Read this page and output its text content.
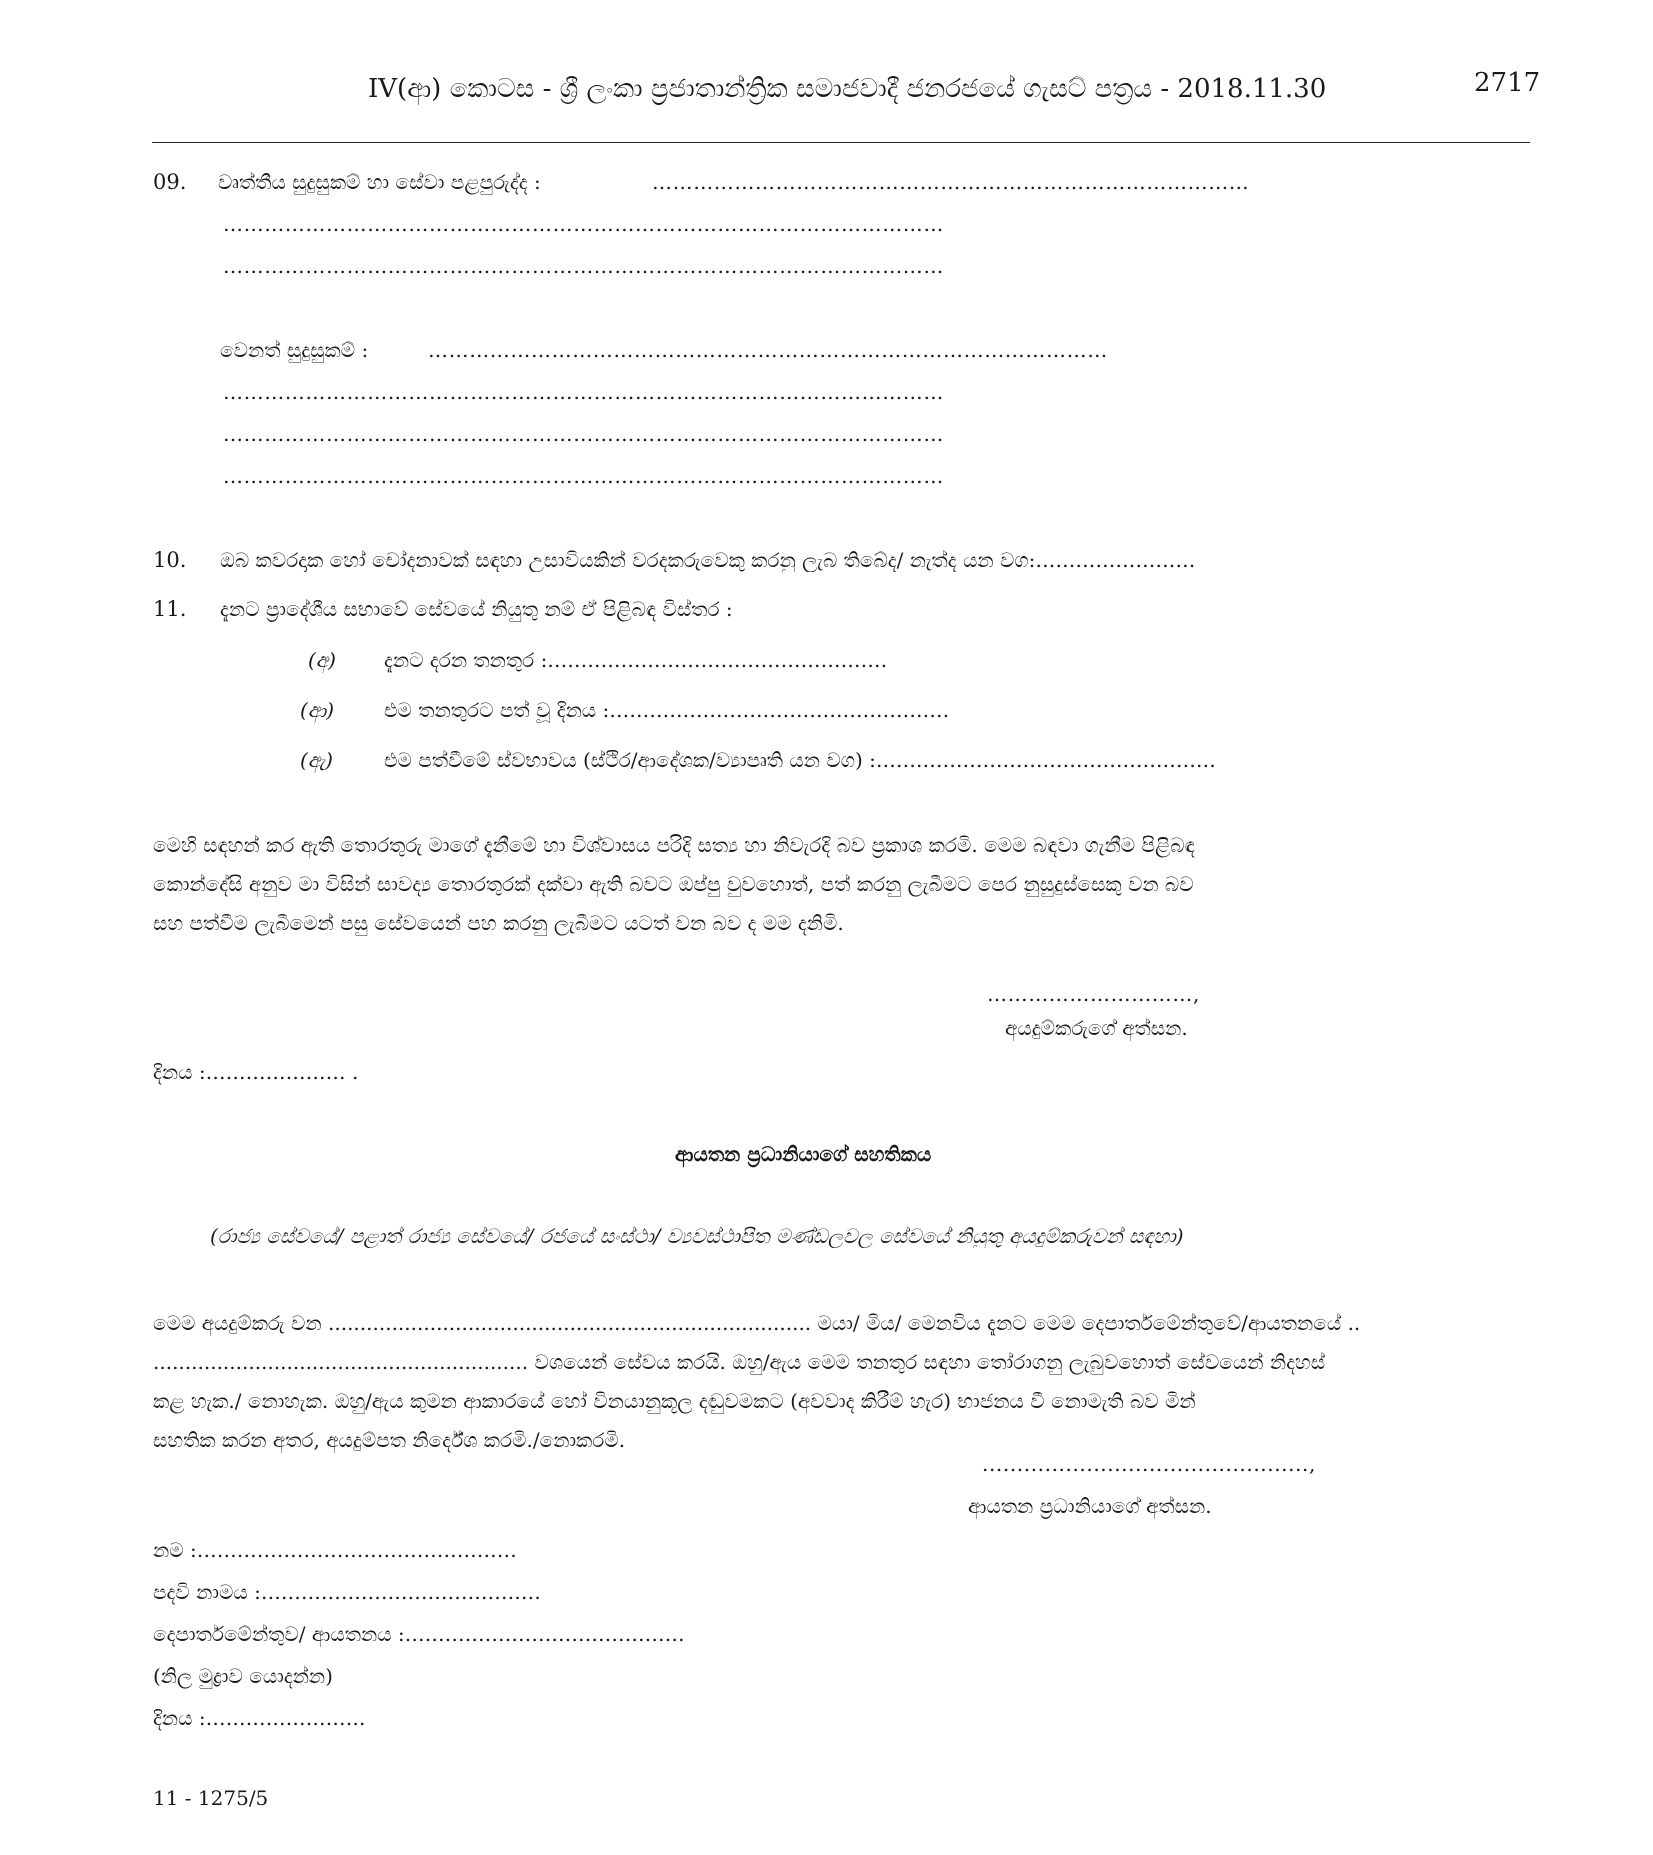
IV(ආ) කොටස - ශ්‍රී ලංකා ප්‍රජාතාන්ත්‍රික සමාජවාදී ජනරජයේ ගැසට් පත්‍රය - 2018.11.30	2717
09. වෘත්තීය සුදුසුකම් හා සේවා පළපුරුද්ද :	……………………………………………………………………………
……………………………………………………………………………………………
……………………………………………………………………………………………
වෙනත් සුදුසුකම් :	………………………………………………………………………………………
……………………………………………………………………………………………
……………………………………………………………………………………………
……………………………………………………………………………………………
10. ඔබ කවරදාක හෝ චෝදනාවක් සඳහා උසාවියකින් වරදකරුවෙකු කරනු ලැබ තිබේද/ නැත්ද යන වග:……………………
11. දැනට ප්‍රාදේශීය සභාවේ සේවයේ නියුතු නම් ඒ පිළිබඳ විස්තර :
(අ) දැනට දරන තනතුර :……………………………………………
(ආ) එම තනතුරට පත් වූ දිනය :……………………………………………
(ඇ)	එම පත්වීමේ ස්වභාවය (ස්ථිර/ආදේශක/ව්‍යාපෘති යන වග) :……………………………………………
මෙහි සඳහන් කර ඇති තොරතුරු මාගේ දැනීමේ හා විශ්වාසය පරිදි සත්‍ය හා නිවැරදි බව ප්‍රකාශ කරමි. මෙම බඳවා ගැනීම පිළිබඳ
කොන්දේසි අනුව මා විසින් සාවද්‍ය තොරතුරක් දක්වා ඇති බවට ඔප්පු වුවහොත්, පත් කරනු ලැබීමට පෙර නුසුදුස්සෙකු වන බව
සහ පත්වීම ලැබීමෙන් පසු සේවයෙන් පහ කරනු ලැබීමට යටත් වන බව ද මම දනිමි.
…………………………,
අයදුම්කරුගේ අත්සන.
දිනය :………………… .
ආයතන ප්‍රධානියාගේ සහතිකය
(රාජ්‍ය සේවයේ/ පළාත් රාජ්‍ය සේවයේ/ රජයේ සංස්ථා/ ව්‍යවස්ථාපිත මණ්ඩලවල සේවයේ නියුතු අයදුම්කරුවන් සඳහා)
මෙම අයදුම්කරු වන ............................................................................ මයා/ මිය/ මෙනවිය දැනට මෙම දෙපාර්තමේන්තුවේ/ආයතනයේ ..
........................................................... වශයෙන් සේවය කරයි. ඔහු/ඇය මෙම තනතුර සඳහා තෝරාගනු ලැබුවහොත් සේවයෙන් නිදහස්
කළ හැක./ නොහැක. ඔහු/ඇය කුමන ආකාරයේ හෝ විනයානුකූල දඬුවමකට (අවවාද කිරීම් හැර) භාජනය වී නොමැති බව මින්
සහතික කරන අතර, අයදුම්පත නිර්දේශ කරමි./නොකරමි.
...............................................,
ආයතන ප්‍රධානියාගේ අත්සන.
නම :…………………………………………
පදවි නාමය :……………………………………
දෙපාර්තමේන්තුව/ ආයතනය :……………………………………
(නිල මුද්‍රාව යොදන්න)
දිනය :……………………
11 - 1275/5
